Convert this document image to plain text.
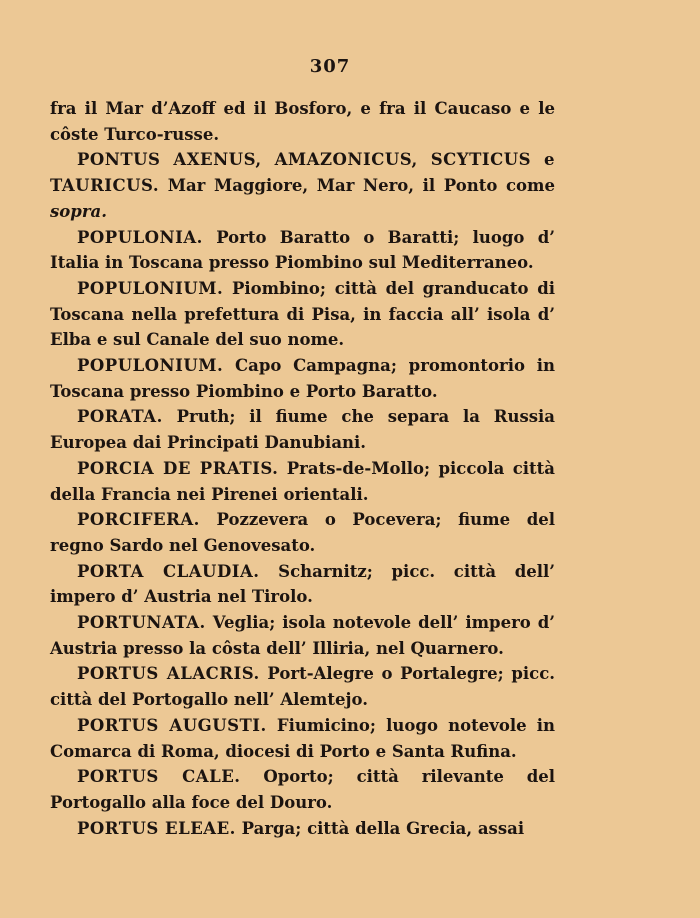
307

fra il Mar d’Azoff ed il Bosforo, e fra il Caucaso e le côste Turco-russe.

PONTUS AXENUS, AMAZONICUS, SCYTICUS e TAURICUS. Mar Maggiore, Mar Nero, il Ponto come sopra.

POPULONIA. Porto Baratto o Baratti; luogo d’ Italia in Toscana presso Piombino sul Mediterraneo.

POPULONIUM. Piombino; città del granducato di Toscana nella prefettura di Pisa, in faccia all’ isola d’ Elba e sul Canale del suo nome.

POPULONIUM. Capo Campagna; promontorio in Toscana presso Piombino e Porto Baratto.

PORATA. Pruth; il fiume che separa la Russia Europea dai Principati Danubiani.

PORCIA DE PRATIS. Prats-de-Mollo; piccola città della Francia nei Pirenei orientali.

PORCIFERA. Pozzevera o Pocevera; fiume del regno Sardo nel Genovesato.

PORTA CLAUDIA. Scharnitz; picc. città dell’ impero d’ Austria nel Tirolo.

PORTUNATA. Veglia; isola notevole dell’ impero d’ Austria presso la côsta dell’ Illiria, nel Quarnero.

PORTUS ALACRIS. Port-Alegre o Portalegre; picc. città del Portogallo nell’ Alemtejo.

PORTUS AUGUSTI. Fiumicino; luogo notevole in Comarca di Roma, diocesi di Porto e Santa Rufina.

PORTUS CALE. Oporto; città rilevante del Portogallo alla foce del Douro.

PORTUS ELEAE. Parga; città della Grecia, assai
